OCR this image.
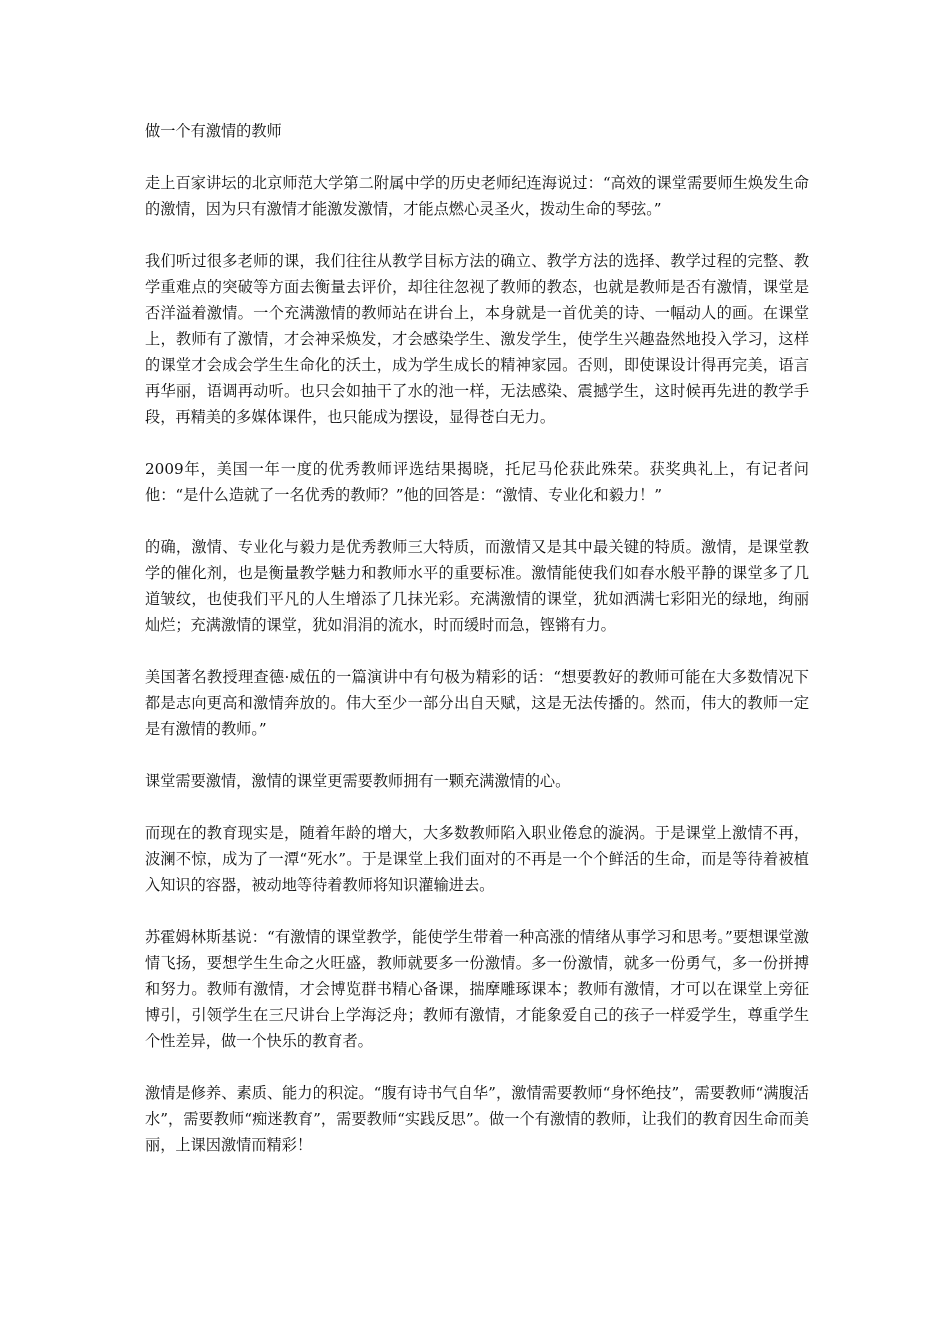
做一个有激情的教师

走上百家讲坛的北京师范大学第二附属中学的历史老师纪连海说过：“高效的课堂需要师生焕发生命的激情，因为只有激情才能激发激情，才能点燃心灵圣火，拨动生命的琴弦。”

我们听过很多老师的课，我们往往从教学目标方法的确立、教学方法的选择、教学过程的完整、教学重难点的突破等方面去衡量去评价，却往往忽视了教师的教态，也就是教师是否有激情，课堂是否洋溢着激情。一个充满激情的教师站在讲台上，本身就是一首优美的诗、一幅动人的画。在课堂上，教师有了激情，才会神采焕发，才会感染学生、激发学生，使学生兴趣盎然地投入学习，这样的课堂才会成会学生生命化的沃土，成为学生成长的精神家园。否则，即使课设计得再完美，语言再华丽，语调再动听。也只会如抽干了水的池一样，无法感染、震撼学生，这时候再先进的教学手段，再精美的多媒体课件，也只能成为摆设，显得苍白无力。

2009年，美国一年一度的优秀教师评选结果揭晓，托尼马伦获此殊荣。获奖典礼上，有记者问他：“是什么造就了一名优秀的教师？”他的回答是：“激情、专业化和毅力！”

的确，激情、专业化与毅力是优秀教师三大特质，而激情又是其中最关键的特质。激情，是课堂教学的催化剂，也是衡量教学魅力和教师水平的重要标准。激情能使我们如春水般平静的课堂多了几道皱纹，也使我们平凡的人生增添了几抹光彩。充满激情的课堂，犹如洒满七彩阳光的绿地，绚丽灿烂；充满激情的课堂，犹如涓涓的流水，时而缓时而急，铿锵有力。

美国著名教授理查德·威伍的一篇演讲中有句极为精彩的话：“想要教好的教师可能在大多数情况下都是志向更高和激情奔放的。伟大至少一部分出自天赋，这是无法传播的。然而，伟大的教师一定是有激情的教师。”

课堂需要激情，激情的课堂更需要教师拥有一颗充满激情的心。

而现在的教育现实是，随着年龄的增大，大多数教师陷入职业倦怠的漩涡。于是课堂上激情不再，波澜不惊，成为了一潭“死水”。于是课堂上我们面对的不再是一个个鲜活的生命，而是等待着被植入知识的容器，被动地等待着教师将知识灌输进去。

苏霍姆林斯基说：“有激情的课堂教学，能使学生带着一种高涨的情绪从事学习和思考。”要想课堂激情飞扬，要想学生生命之火旺盛，教师就要多一份激情。多一份激情，就多一份勇气，多一份拼搏和努力。教师有激情，才会博览群书精心备课，揣摩雕琢课本；教师有激情，才可以在课堂上旁征博引，引领学生在三尺讲台上学海泛舟；教师有激情，才能象爱自己的孩子一样爱学生，尊重学生个性差异，做一个快乐的教育者。

激情是修养、素质、能力的积淀。“腹有诗书气自华”，激情需要教师“身怀绝技”，需要教师“满腹活水”，需要教师“痴迷教育”，需要教师“实践反思”。做一个有激情的教师，让我们的教育因生命而美丽，上课因激情而精彩！
